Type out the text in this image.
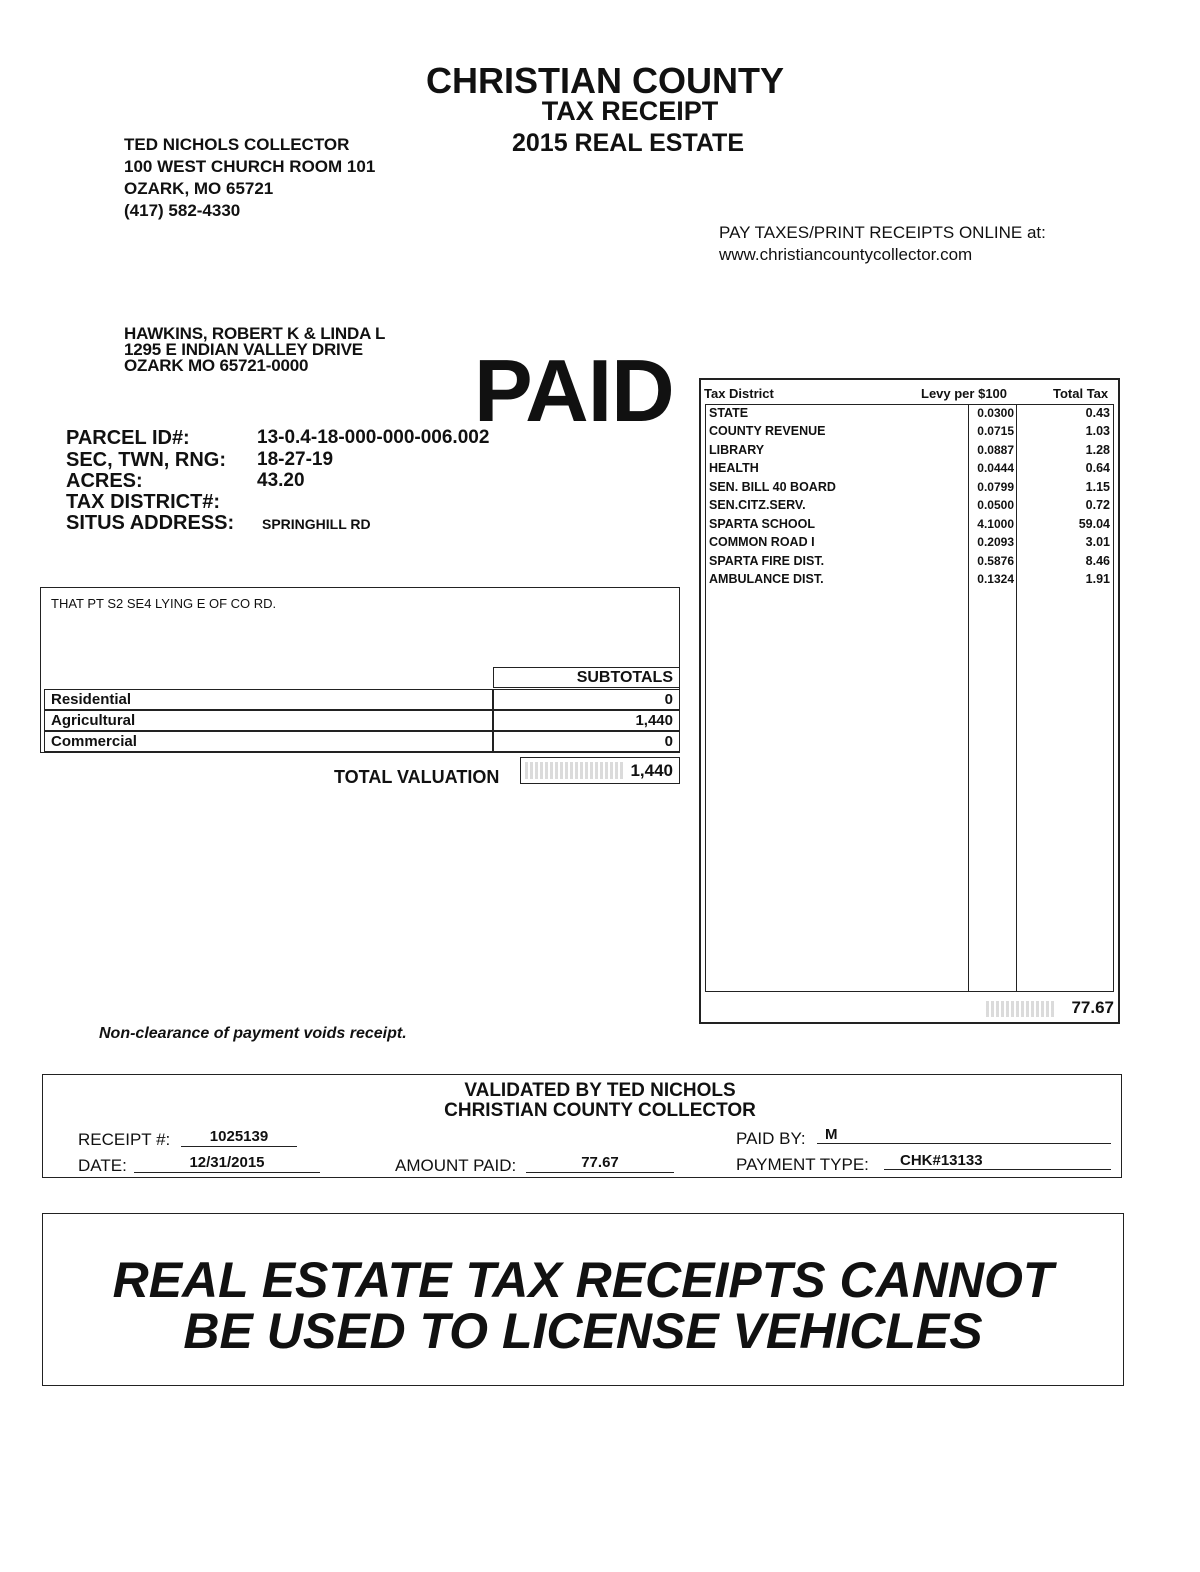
CHRISTIAN COUNTY
TAX RECEIPT
2015 REAL ESTATE
TED NICHOLS COLLECTOR
100 WEST CHURCH ROOM 101
OZARK, MO 65721
(417) 582-4330
PAY TAXES/PRINT RECEIPTS ONLINE at:
www.christiancountycollector.com
HAWKINS, ROBERT K & LINDA L
1295 E INDIAN VALLEY DRIVE
OZARK MO 65721-0000	PAID
PARCEL ID#:	13-0.4-18-000-000-006.002
SEC, TWN, RNG: 18-27-19
ACRES:	43.20
TAX DISTRICT#:
SITUS ADDRESS: SPRINGHILL RD
THAT PT S2 SE4 LYING E OF CO RD.
SUBTOTALS
Residential	0
Agricultural	1,440
Commercial	0
TOTAL VALUATION	1,440
Tax District	Levy per $100	Total Tax
STATE	0.0300	0.43
COUNTY REVENUE	0.0715	1.03
LIBRARY	0.0887	1.28
HEALTH	0.0444	0.64
SEN. BILL 40 BOARD	0.0799	1.15
SEN.CITZ.SERV.	0.0500	0.72
SPARTA SCHOOL	4.1000	59.04
COMMON ROAD I	0.2093	3.01
SPARTA FIRE DIST.	0.5876	8.46
AMBULANCE DIST.	0.1324	1.91
77.67
Non-clearance of payment voids receipt.
VALIDATED BY TED NICHOLS
CHRISTIAN COUNTY COLLECTOR
RECEIPT #:	1025139	PAID BY:	M
DATE:	12/31/2015	AMOUNT PAID:	77.67	PAYMENT TYPE:	CHK#13133
REAL ESTATE TAX RECEIPTS CANNOT
BE USED TO LICENSE VEHICLES
